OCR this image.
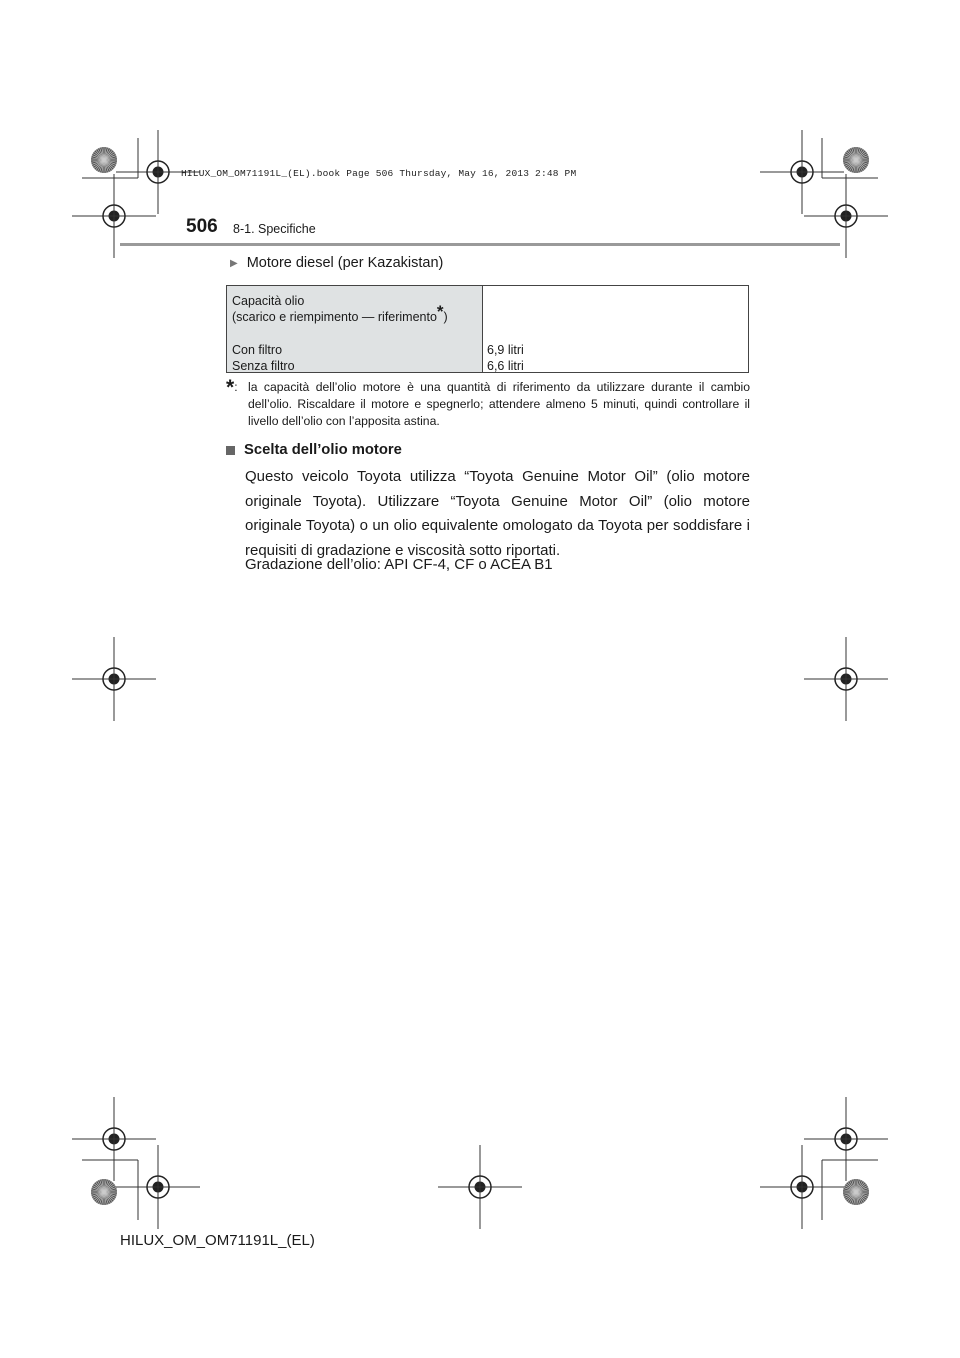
HILUX_OM_OM71191L_(EL).book Page 506 Thursday, May 16, 2013 2:48 PM
506 8-1. Specifiche
▶ Motore diesel (per Kazakistan)
Capacità olio
(scarico e riempimento — riferimento*)
Con filtro
Senza filtro
6,9 litri
6,6 litri
*: la capacità dell’olio motore è una quantità di riferimento da utilizzare durante il cambio dell’olio. Riscaldare il motore e spegnerlo; attendere almeno 5 minuti, quindi controllare il livello dell’olio con l’apposita astina.
Scelta dell’olio motore
Questo veicolo Toyota utilizza “Toyota Genuine Motor Oil” (olio motore originale Toyota). Utilizzare “Toyota Genuine Motor Oil” (olio motore originale Toyota) o un olio equivalente omologato da Toyota per soddisfare i requisiti di gradazione e viscosità sotto riportati.
Gradazione dell’olio: API CF-4, CF o ACEA B1
HILUX_OM_OM71191L_(EL)
